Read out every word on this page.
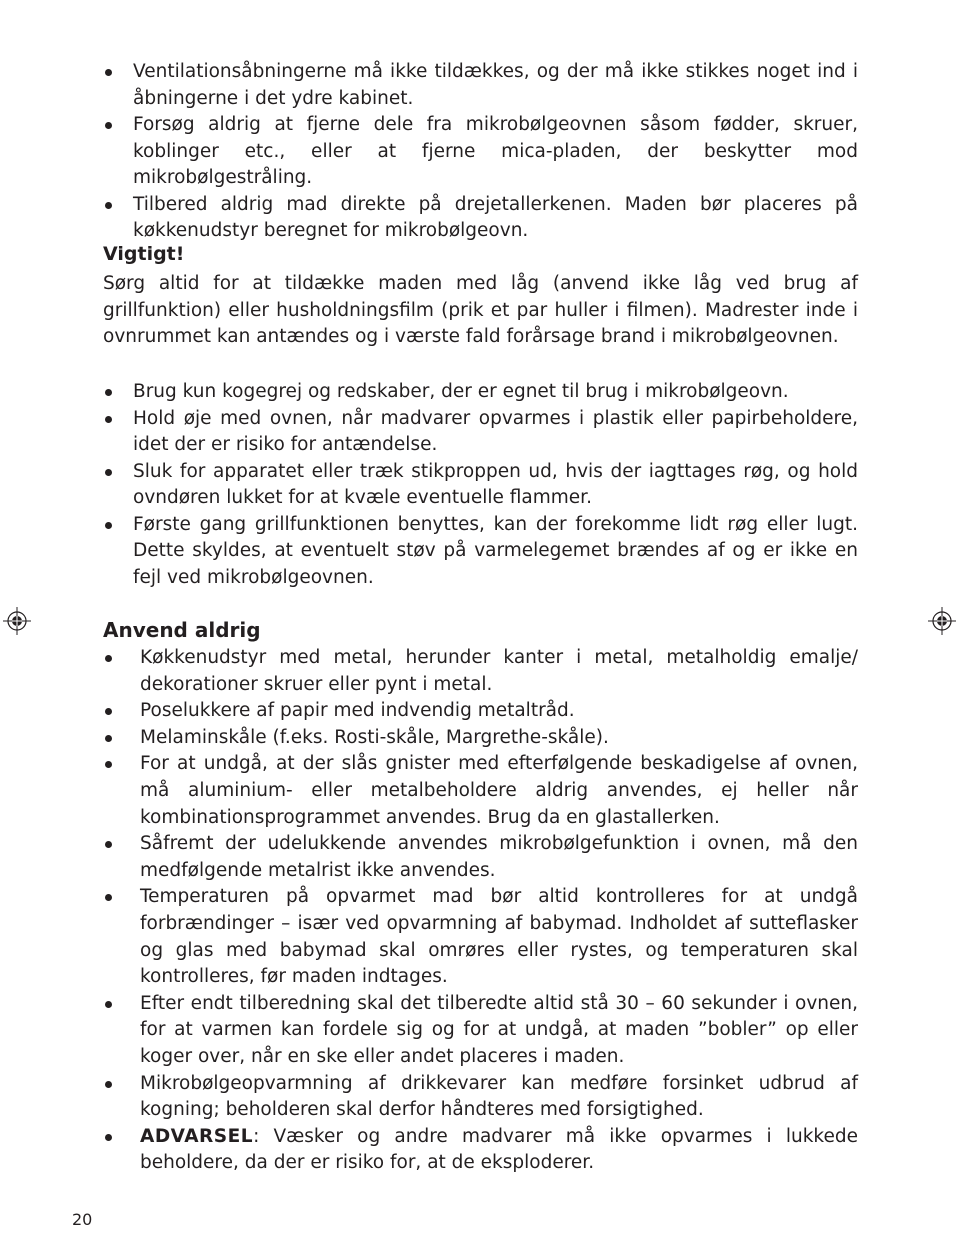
Ventilationsåbningerne må ikke tildækkes, og der må ikke stikkes noget ind i åbningerne i det ydre kabinet.
Forsøg aldrig at fjerne dele fra mikrobølgeovnen såsom fødder, skruer, koblinger etc., eller at fjerne mica-pladen, der beskytter mod mikrobølgestråling.
Tilbered aldrig mad direkte på drejetallerkenen. Maden bør placeres på køkkenudstyr beregnet for mikrobølgeovn.
Vigtigt!
Sørg altid for at tildække maden med låg (anvend ikke låg ved brug af grillfunktion) eller husholdningsfilm (prik et par huller i filmen). Madrester inde i ovnrummet kan antændes og i værste fald forårsage brand i mikrobølgeovnen.
Brug kun kogegrej og redskaber, der er egnet til brug i mikrobølgeovn.
Hold øje med ovnen, når madvarer opvarmes i plastik eller papirbeholdere, idet der er risiko for antændelse.
Sluk for apparatet eller træk stikproppen ud, hvis der iagttages røg, og hold ovndøren lukket for at kvæle eventuelle flammer.
Første gang grillfunktionen benyttes, kan der forekomme lidt røg eller lugt. Dette skyldes, at eventuelt støv på varmelegemet brændes af og er ikke en fejl ved mikrobølgeovnen.
Anvend aldrig
Køkkenudstyr med metal, herunder kanter i metal, metalholdig emalje/ dekorationer skruer eller pynt i metal.
Poselukkere af papir med indvendig metaltråd.
Melaminskåle (f.eks. Rosti-skåle, Margrethe-skåle).
For at undgå, at der slås gnister med efterfølgende beskadigelse af ovnen, må aluminium- eller metalbeholdere aldrig anvendes, ej heller når kombinationsprogrammet anvendes. Brug da en glastallerken.
Såfremt der udelukkende anvendes mikrobølgefunktion i ovnen, må den medfølgende metalrist ikke anvendes.
Temperaturen på opvarmet mad bør altid kontrolleres for at undgå forbrændinger – især ved opvarmning af babymad. Indholdet af sutteflasker og glas med babymad skal omrøres eller rystes, og temperaturen skal kontrolleres, før maden indtages.
Efter endt tilberedning skal det tilberedte altid stå 30 – 60 sekunder i ovnen, for at varmen kan fordele sig og for at undgå, at maden ”bobler” op eller koger over, når en ske eller andet placeres i maden.
Mikrobølgeopvarmning af drikkevarer kan medføre forsinket udbrud af kogning; beholderen skal derfor håndteres med forsigtighed.
ADVARSEL: Væsker og andre madvarer må ikke opvarmes i lukkede beholdere, da der er risiko for, at de eksploderer.
20
